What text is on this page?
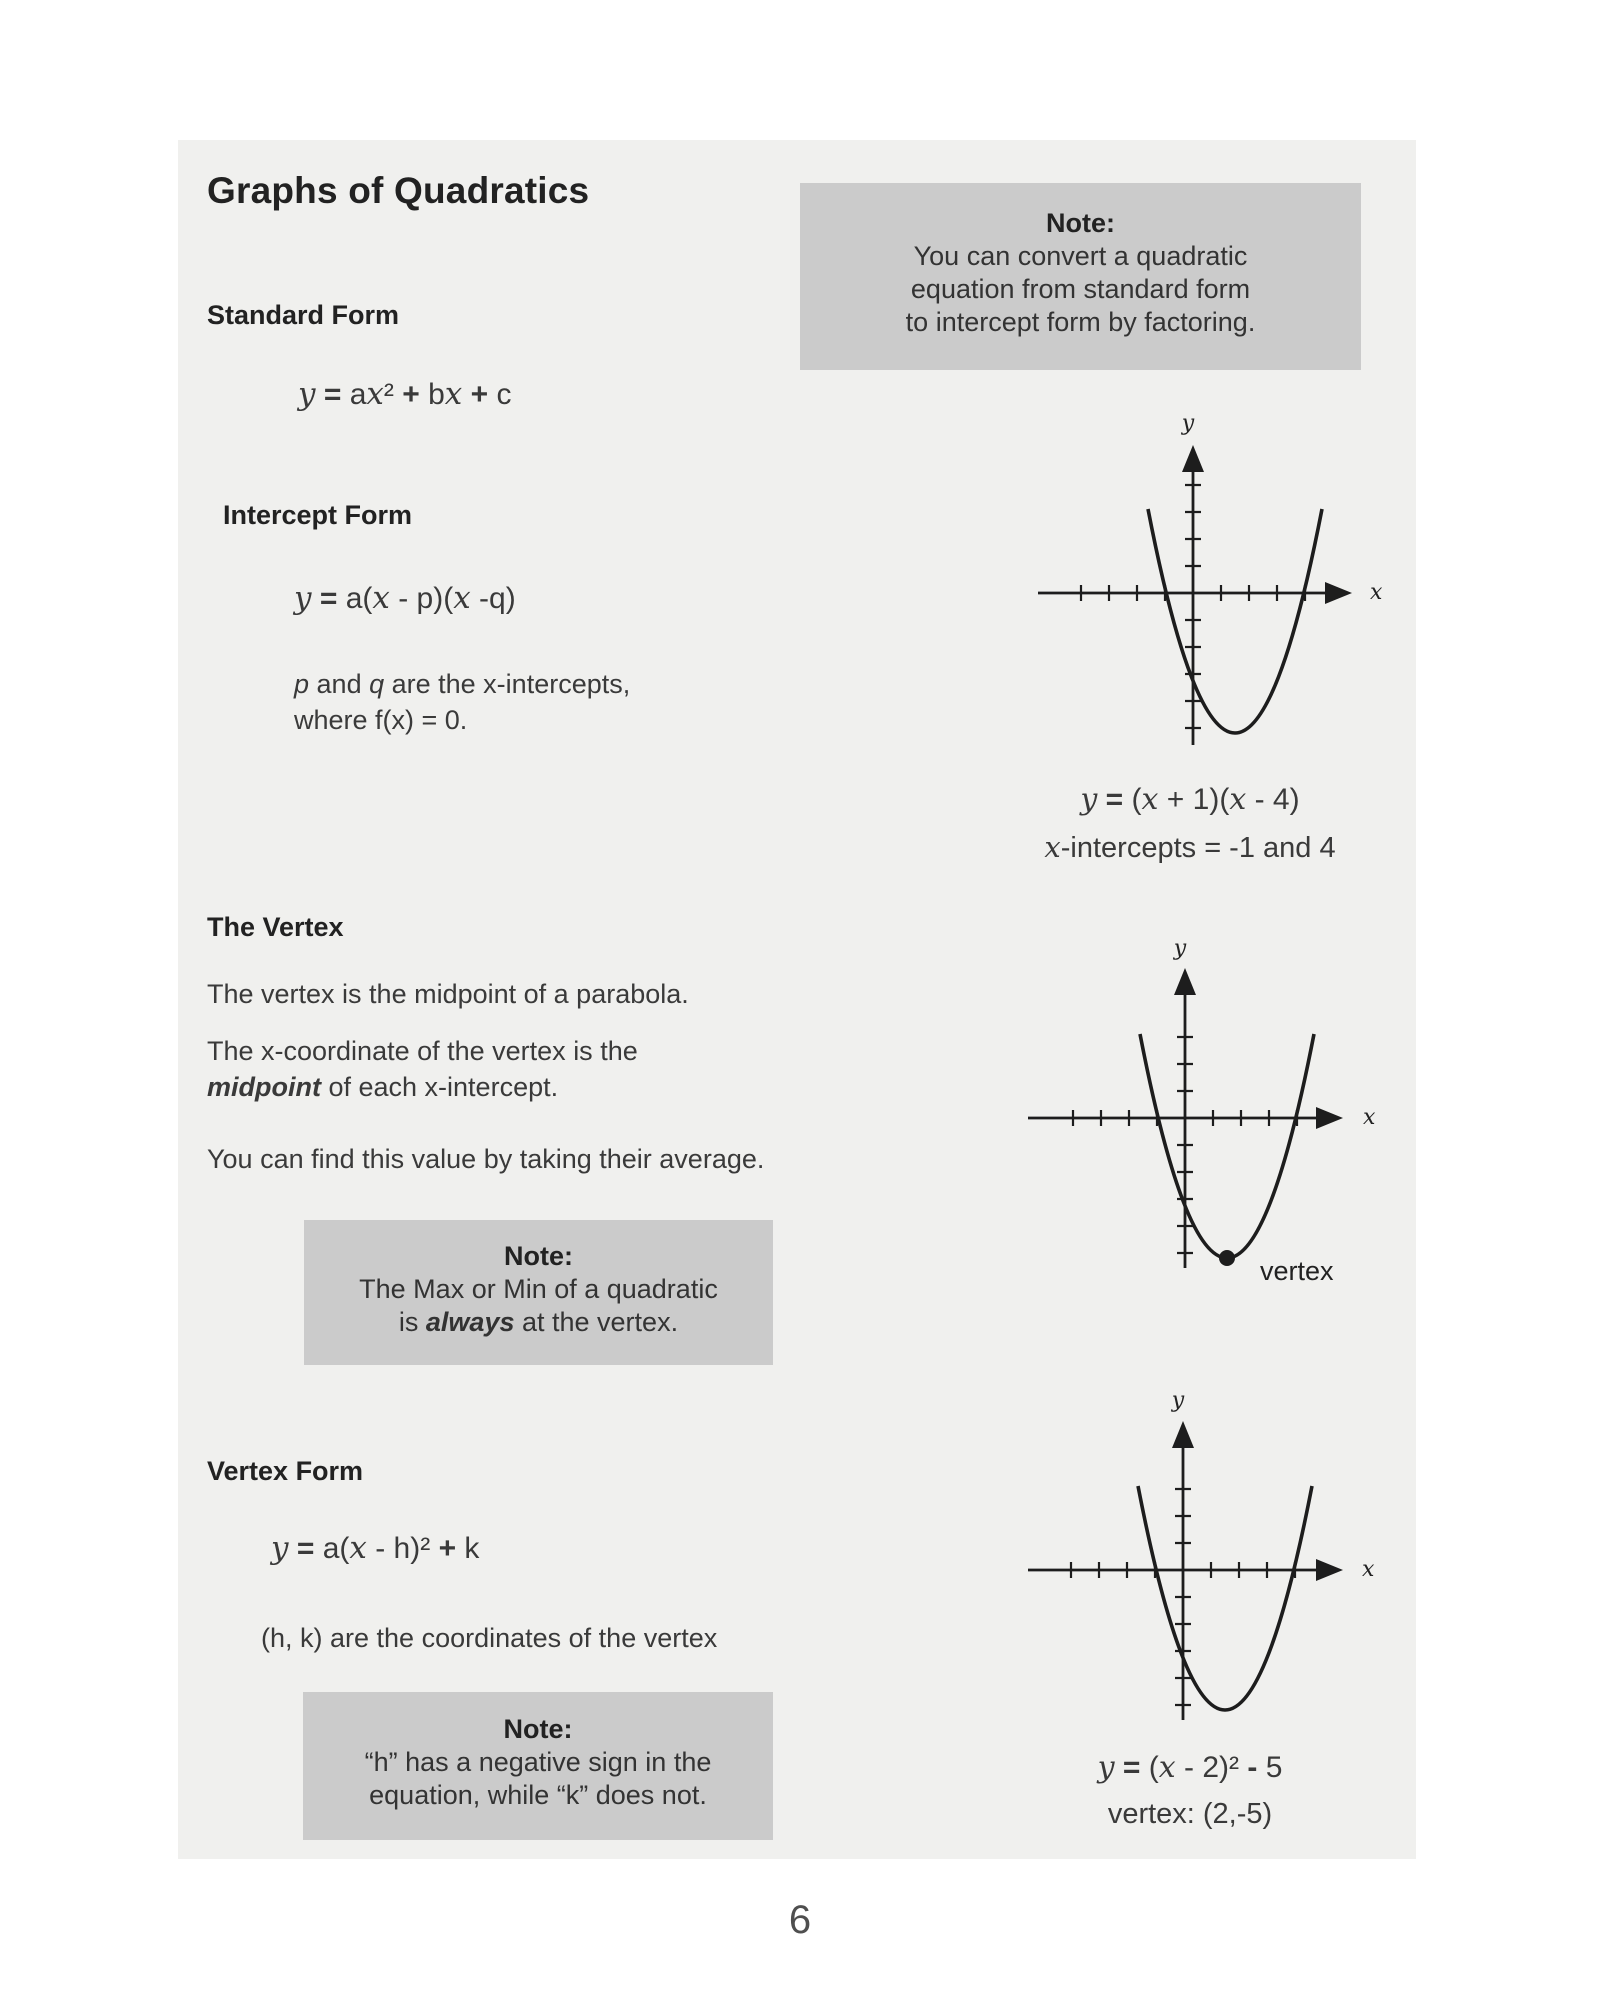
Graphs of Quadratics
Standard Form
y = ax² + bx + c
Note:
You can convert a quadratic
equation from standard form
to intercept form by factoring.
Intercept Form
y = a(x - p)(x -q)
p and q are the x-intercepts,
where f(x) = 0.
y
x
y = (x + 1)(x - 4)
x-intercepts = -1 and 4
The Vertex
The vertex is the midpoint of a parabola.
The x-coordinate of the vertex is the
midpoint of each x-intercept.
You can find this value by taking their average.
Note:
The Max or Min of a quadratic
is always at the vertex.
y
x
vertex
Vertex Form
y = a(x - h)² + k
(h, k) are the coordinates of the vertex
Note:
“h” has a negative sign in the
equation, while “k” does not.
y
x
y = (x - 2)² - 5
vertex: (2,-5)
6
